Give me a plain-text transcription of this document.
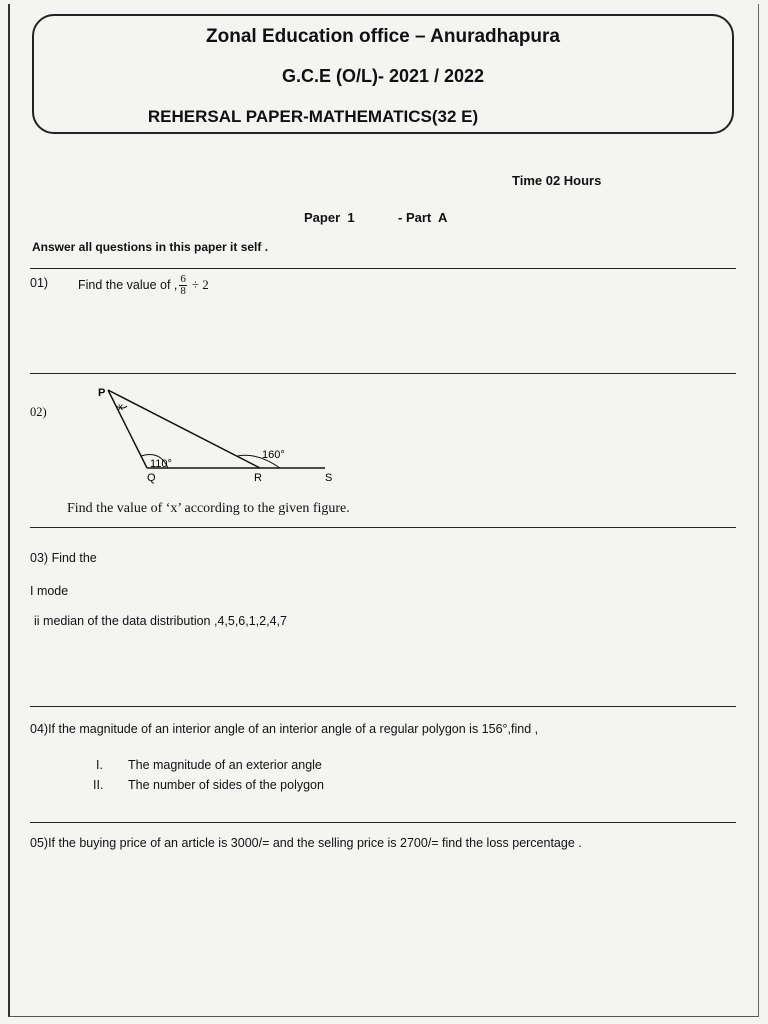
Zonal Education office – Anuradhapura
G.C.E (O/L)- 2021 / 2022
REHERSAL PAPER-MATHEMATICS(32 E)
Time 02 Hours
Paper  1	- Part  A
Answer all questions in this paper it self .
01) Find the value of , $\frac{6}{8} \div 2$
02)
P
x
110°
160°
Q	R	S
Find the value of ‘x’ according to the given figure.
03) Find the
I mode
ii median of the data distribution ,4,5,6,1,2,4,7
04)If the magnitude of an interior angle of an interior angle of a regular polygon is 156°,find ,
I. The magnitude of an exterior angle
II. The number of sides of the polygon
05)If the buying price of an article is 3000/= and the selling price is 2700/= find the loss percentage .
